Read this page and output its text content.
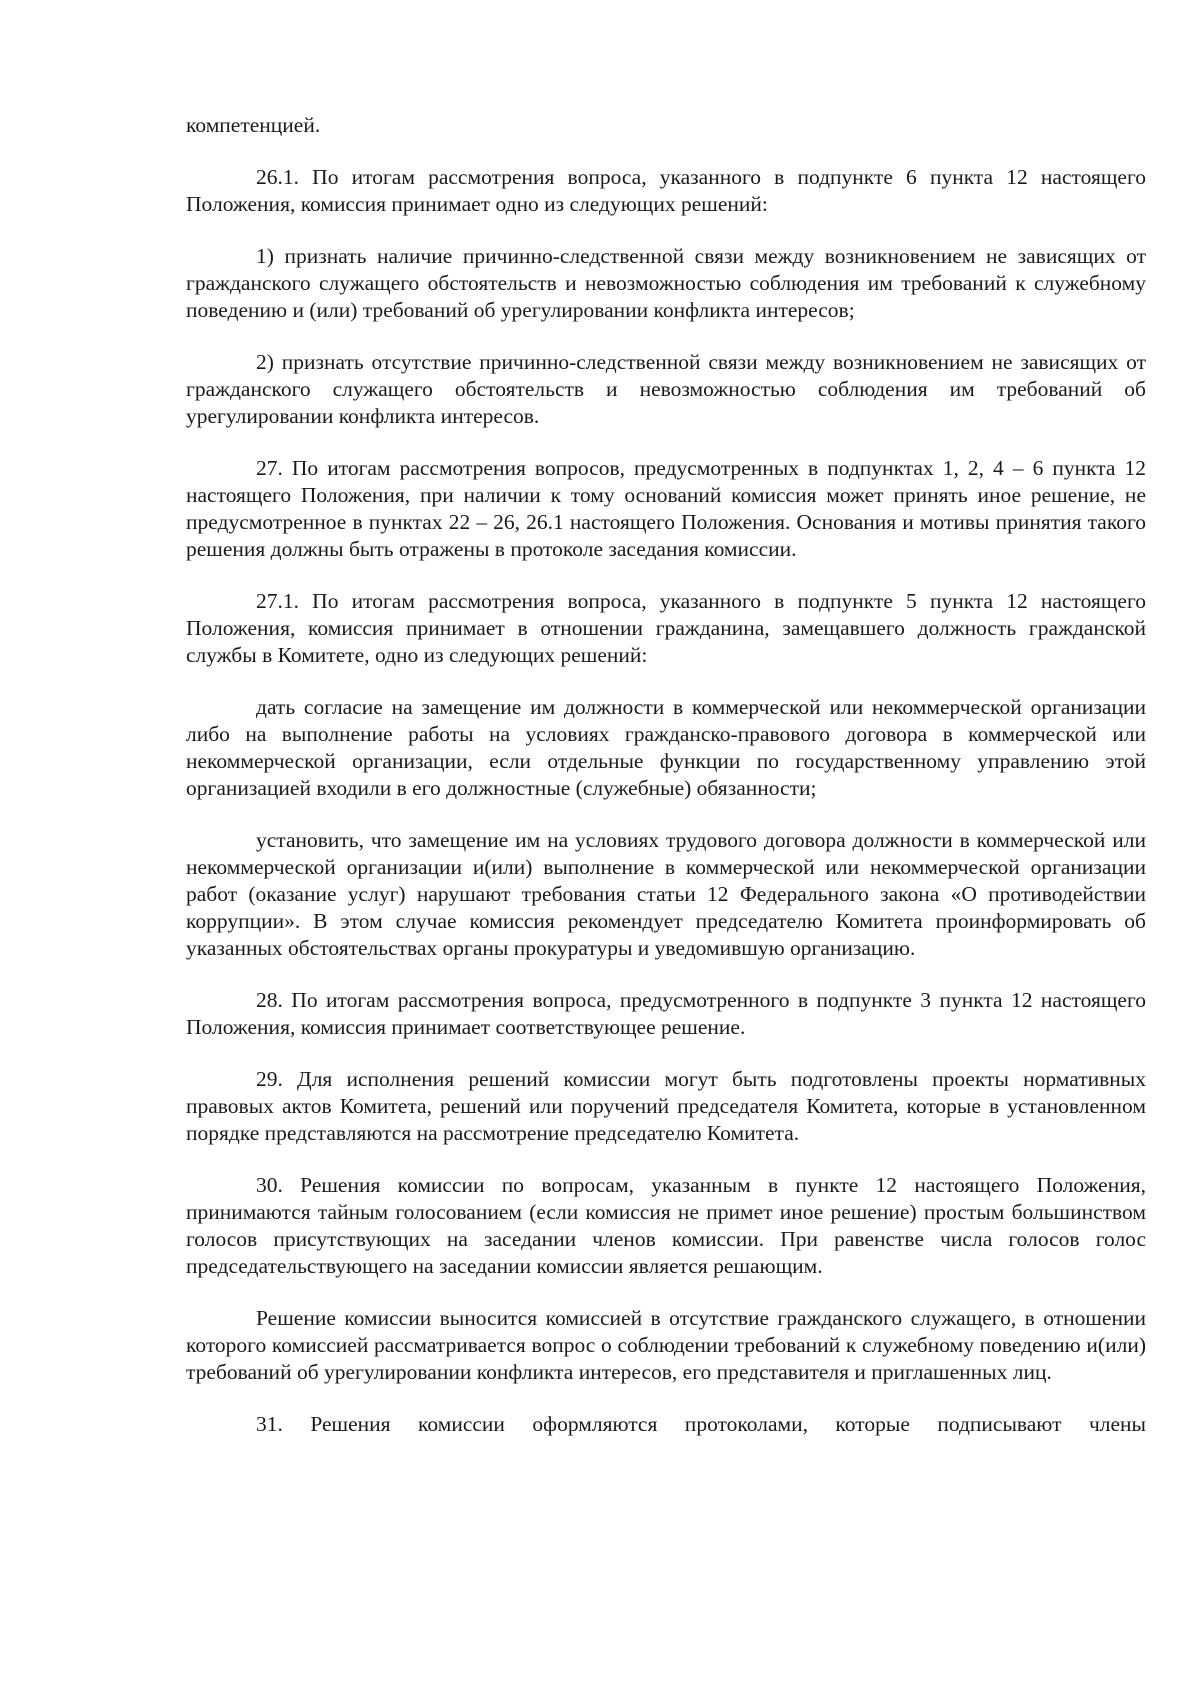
компетенцией.

26.1. По итогам рассмотрения вопроса, указанного в подпункте 6 пункта 12 настоящего Положения, комиссия принимает одно из следующих решений:

1) признать наличие причинно-следственной связи между возникновением не зависящих от гражданского служащего обстоятельств и невозможностью соблюдения им требований к служебному поведению и (или) требований об урегулировании конфликта интересов;

2) признать отсутствие причинно-следственной связи между возникновением не зависящих от гражданского служащего обстоятельств и невозможностью соблюдения им требований об урегулировании конфликта интересов.

27. По итогам рассмотрения вопросов, предусмотренных в подпунктах 1, 2, 4 – 6 пункта 12 настоящего Положения, при наличии к тому оснований комиссия может принять иное решение, не предусмотренное в пунктах 22 – 26, 26.1 настоящего Положения. Основания и мотивы принятия такого решения должны быть отражены в протоколе заседания комиссии.

27.1. По итогам рассмотрения вопроса, указанного в подпункте 5 пункта 12 настоящего Положения, комиссия принимает в отношении гражданина, замещавшего должность гражданской службы в Комитете, одно из следующих решений:

дать согласие на замещение им должности в коммерческой или некоммерческой организации либо на выполнение работы на условиях гражданско-правового договора в коммерческой или некоммерческой организации, если отдельные функции по государственному управлению этой организацией входили в его должностные (служебные) обязанности;

установить, что замещение им на условиях трудового договора должности в коммерческой или некоммерческой организации и(или) выполнение в коммерческой или некоммерческой организации работ (оказание услуг) нарушают требования статьи 12 Федерального закона «О противодействии коррупции». В этом случае комиссия рекомендует председателю Комитета проинформировать об указанных обстоятельствах органы прокуратуры и уведомившую организацию.

28. По итогам рассмотрения вопроса, предусмотренного в подпункте 3 пункта 12 настоящего Положения, комиссия принимает соответствующее решение.

29. Для исполнения решений комиссии могут быть подготовлены проекты нормативных правовых актов Комитета, решений или поручений председателя Комитета, которые в установленном порядке представляются на рассмотрение председателю Комитета.

30. Решения комиссии по вопросам, указанным в пункте 12 настоящего Положения, принимаются тайным голосованием (если комиссия не примет иное решение) простым большинством голосов присутствующих на заседании членов комиссии. При равенстве числа голосов голос председательствующего на заседании комиссии является решающим.

Решение комиссии выносится комиссией в отсутствие гражданского служащего, в отношении которого комиссией рассматривается вопрос о соблюдении требований к служебному поведению и(или) требований об урегулировании конфликта интересов, его представителя и приглашенных лиц.

31. Решения комиссии оформляются протоколами, которые подписывают члены
